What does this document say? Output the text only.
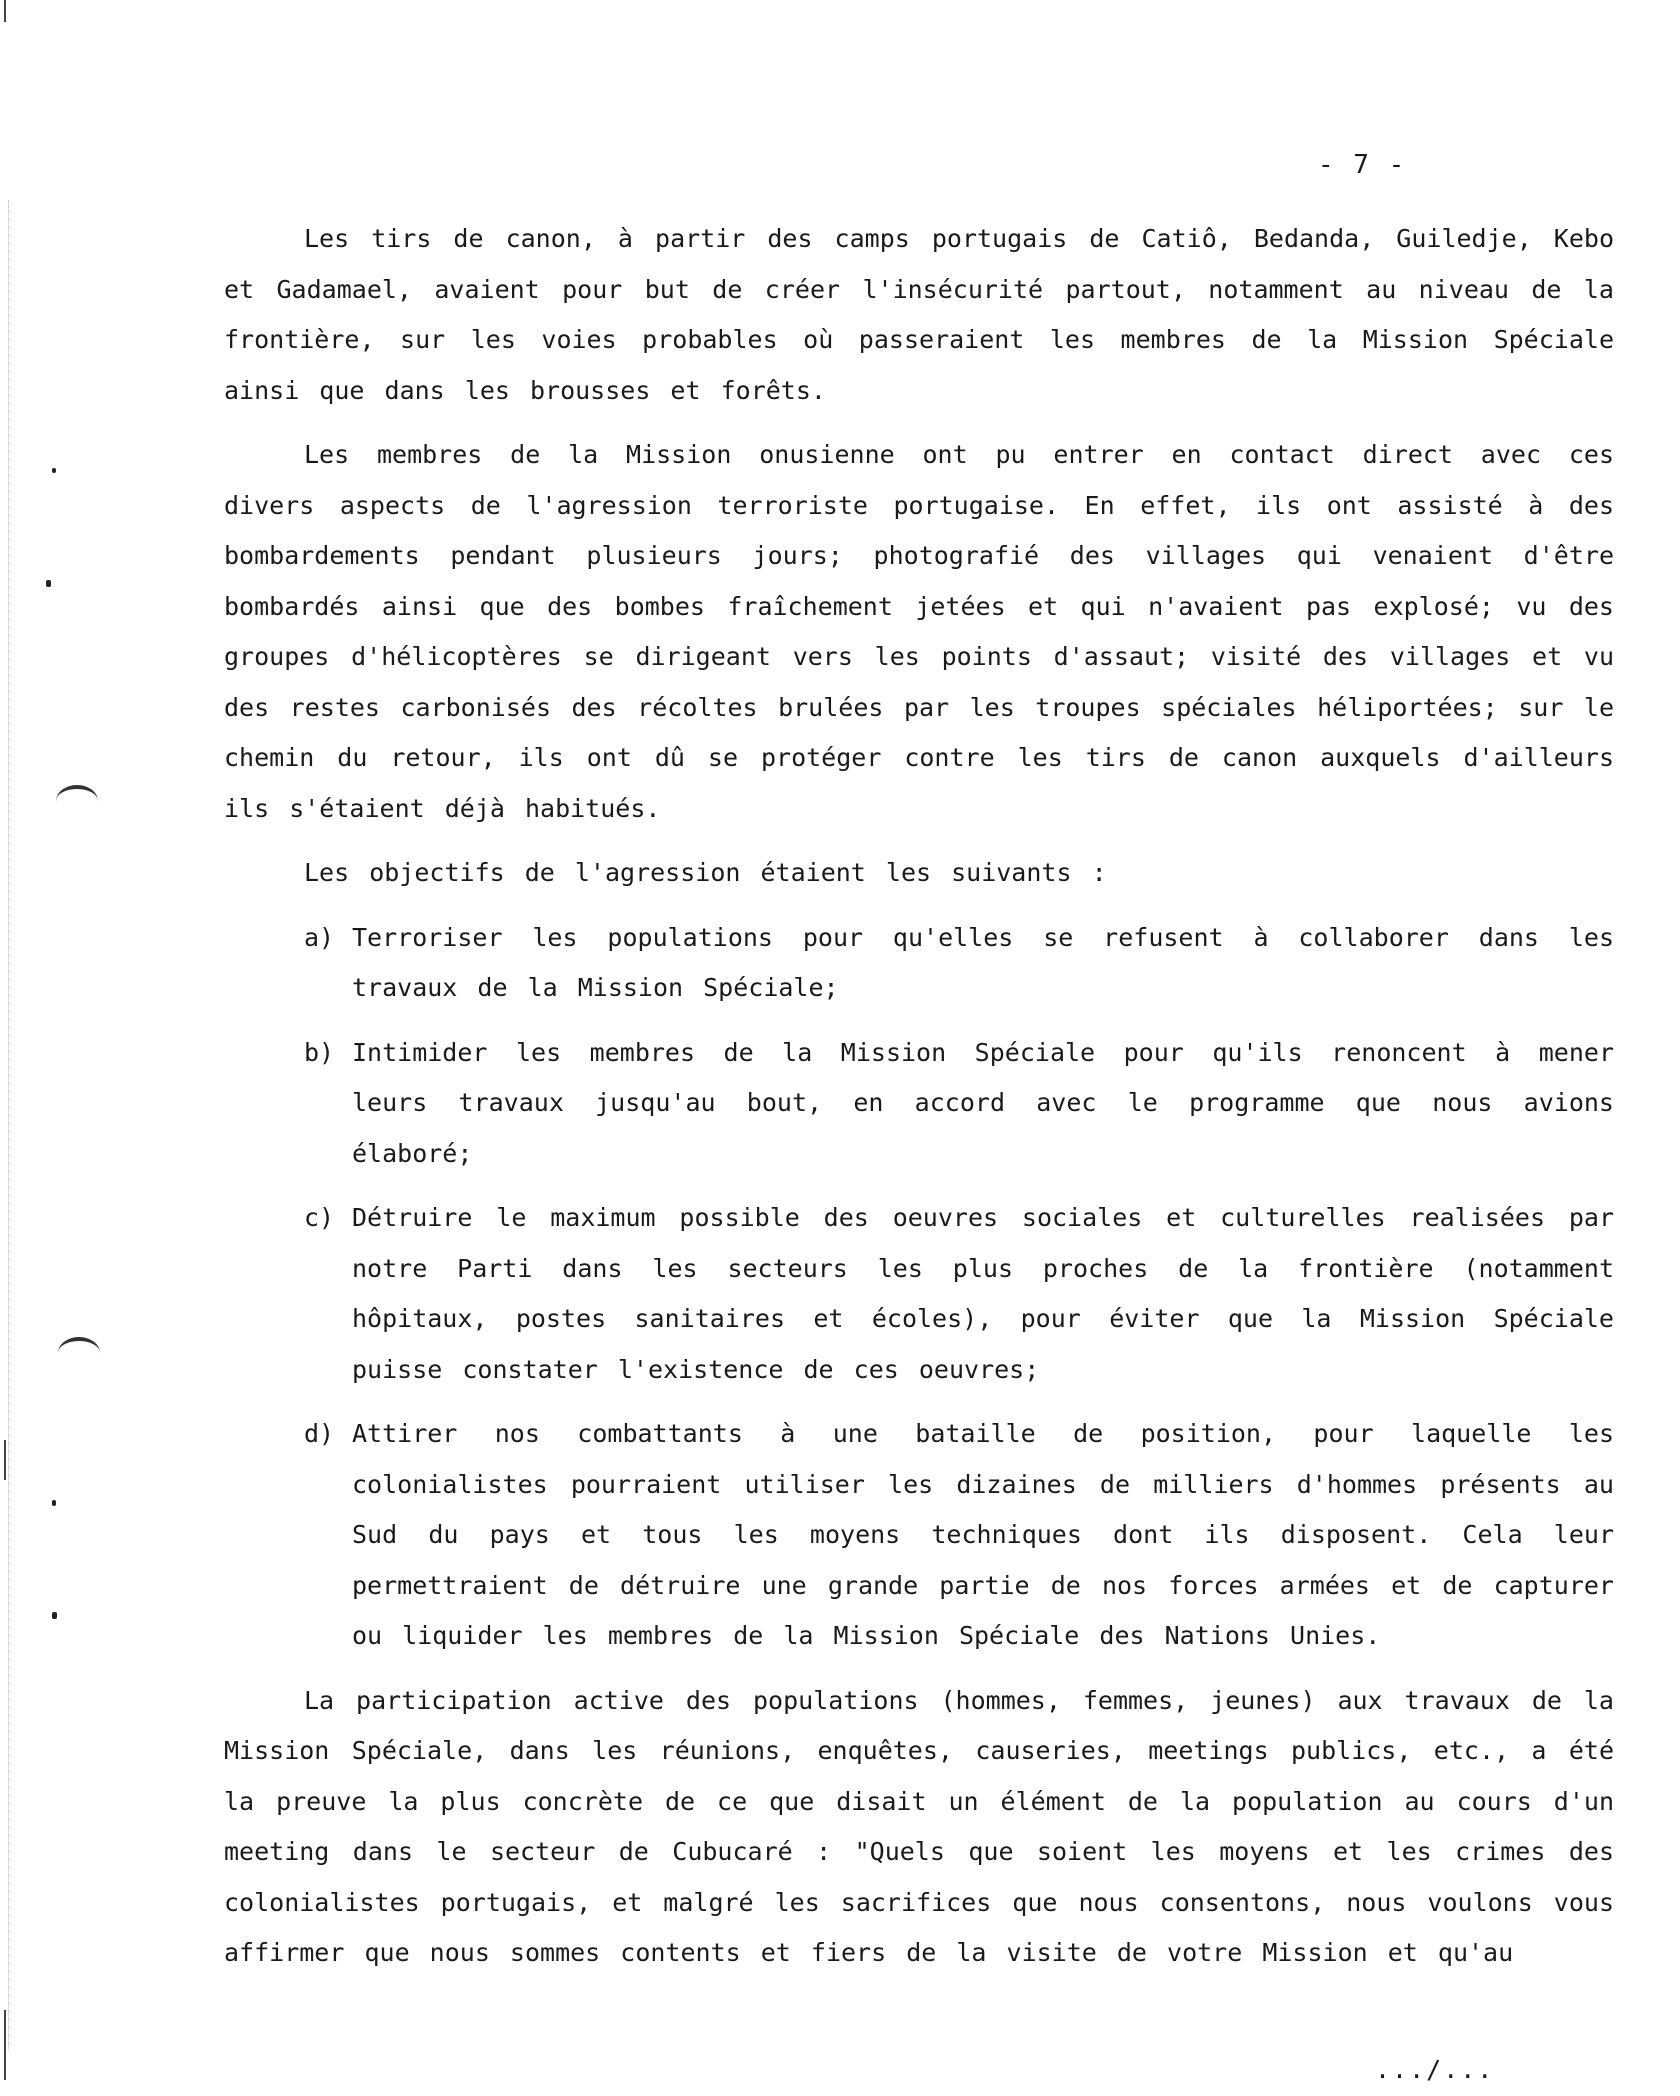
- 7 -

Les tirs de canon, à partir des camps portugais de Catiô, Bedanda, Guiledje, Kebo et Gadamael, avaient pour but de créer l'insécurité partout, notamment au niveau de la frontière, sur les voies probables où passeraient les membres de la Mission Spéciale ainsi que dans les brousses et forêts.

Les membres de la Mission onusienne ont pu entrer en contact direct avec ces divers aspects de l'agression terroriste portugaise. En effet, ils ont assisté à des bombardements pendant plusieurs jours; photografié des villages qui venaient d'être bombardés ainsi que des bombes fraîchement jetées et qui n'avaient pas explosé; vu des groupes d'hélicoptères se dirigeant vers les points d'assaut; visité des villages et vu des restes carbonisés des récoltes brulées par les troupes spéciales héliportées; sur le chemin du retour, ils ont dû se protéger contre les tirs de canon auxquels d'ailleurs ils s'étaient déjà habitués.

Les objectifs de l'agression étaient les suivants :

a) Terroriser les populations pour qu'elles se refusent à collaborer dans les travaux de la Mission Spéciale;
b) Intimider les membres de la Mission Spéciale pour qu'ils renoncent à mener leurs travaux jusqu'au bout, en accord avec le programme que nous avions élaboré;
c) Détruire le maximum possible des oeuvres sociales et culturelles realisées par notre Parti dans les secteurs les plus proches de la frontière (notamment hôpitaux, postes sanitaires et écoles), pour éviter que la Mission Spéciale puisse constater l'existence de ces oeuvres;
d) Attirer nos combattants à une bataille de position, pour laquelle les colonialistes pourraient utiliser les dizaines de milliers d'hommes présents au Sud du pays et tous les moyens techniques dont ils disposent. Cela leur permettraient de détruire une grande partie de nos forces armées et de capturer ou liquider les membres de la Mission Spéciale des Nations Unies.

La participation active des populations (hommes, femmes, jeunes) aux travaux de la Mission Spéciale, dans les réunions, enquêtes, causeries, meetings publics, etc., a été la preuve la plus concrète de ce que disait un élément de la population au cours d'un meeting dans le secteur de Cubucaré : "Quels que soient les moyens et les crimes des colonialistes portugais, et malgré les sacrifices que nous consentons, nous voulons vous affirmer que nous sommes contents et fiers de la visite de votre Mission et qu'au

.../...
